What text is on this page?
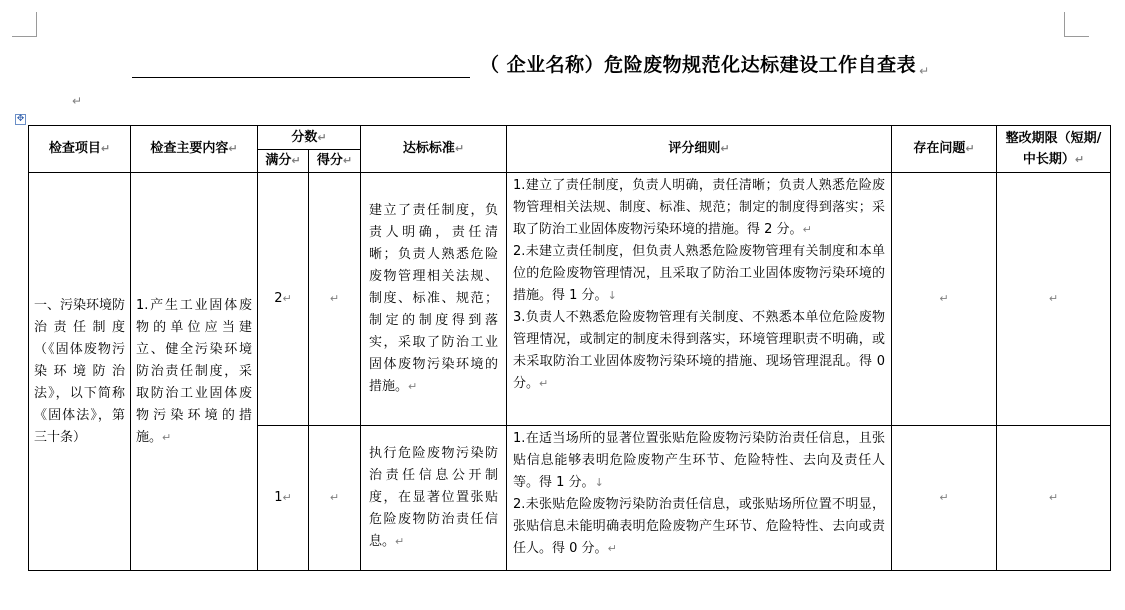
（ 企业名称）危险废物规范化达标建设工作自查表 ↵
↵
✥
检查项目↵	检查主要内容↵	分数↵		达标标准↵	评分细则↵	存在问题↵	整改期限（短期/中长期）↵
		满分↵	得分↵				
一、污染环境防治责任制度（《固体废物污染环境防治法》，以下简称《固体法》，第三十条）	1.产生工业固体废物的单位应当建立、健全污染环境防治责任制度，采取防治工业固体废物污染环境的措施。↵	2↵	↵	建立了责任制度，负责人明确，责任清晰；负责人熟悉危险废物管理相关法规、制度、标准、规范；制定的制度得到落实，采取了防治工业固体废物污染环境的措施。↵	1.建立了责任制度，负责人明确，责任清晰；负责人熟悉危险废物管理相关法规、制度、标准、规范；制定的制度得到落实；采取了防治工业固体废物污染环境的措施。得 2 分。↵

2.未建立责任制度，但负责人熟悉危险废物管理有关制度和本单位的危险废物管理情况，且采取了防治工业固体废物污染环境的措施。得 1 分。↓

3.负责人不熟悉危险废物管理有关制度、不熟悉本单位危险废物管理情况，或制定的制度未得到落实，环境管理职责不明确，或未采取防治工业固体废物污染环境的措施、现场管理混乱。得 0 分。↵	↵	↵
		1↵	↵	执行危险废物污染防治责任信息公开制度，在显著位置张贴危险废物防治责任信息。↵	1.在适当场所的显著位置张贴危险废物污染防治责任信息，且张贴信息能够表明危险废物产生环节、危险特性、去向及责任人等。得 1 分。↓

2.未张贴危险废物污染防治责任信息，或张贴场所位置不明显，张贴信息未能明确表明危险废物产生环节、危险特性、去向或责任人。得 0 分。↵	↵	↵
